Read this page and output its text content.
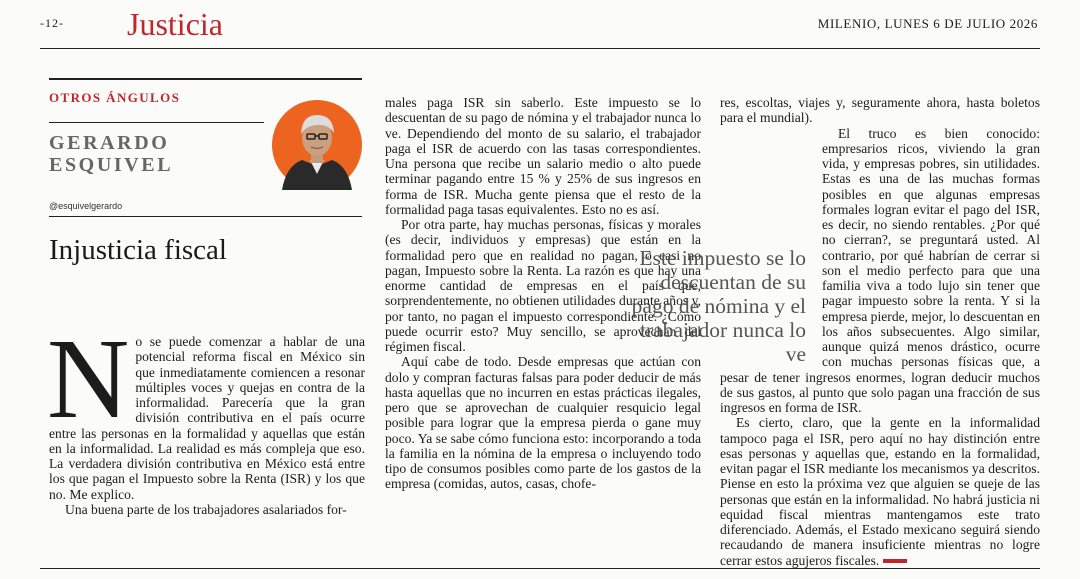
-12- Justicia	MILENIO, LUNES 6 DE JULIO 2026
OTROS ÁNGULOS
GERARDO
ESQUIVEL
@esquivelgerardo
Injusticia fiscal

No se puede comenzar a hablar de una potencial reforma fiscal en México sin que inmediatamente comiencen a resonar múltiples voces y quejas en contra de la informalidad. Parecería que la gran división contributiva en el país ocurre entre las personas en la formalidad y aquellas que están en la informalidad. La realidad es más compleja que eso. La verdadera división contributiva en México está entre los que pagan el Impuesto sobre la Renta (ISR) y los que no. Me explico.

Una buena parte de los trabajadores asalariados for-

males paga ISR sin saberlo. Este impuesto se lo descuentan de su pago de nómina y el trabajador nunca lo ve. Dependiendo del monto de su salario, el trabajador paga el ISR de acuerdo con las tasas correspondientes. Una persona que recibe un salario medio o alto puede terminar pagando entre 15 % y 25% de sus ingresos en forma de ISR. Mucha gente piensa que el resto de la formalidad paga tasas equivalentes. Esto no es así.

Por otra parte, hay muchas personas, físicas y morales (es decir, individuos y empresas) que están en la formalidad pero que en realidad no pagan, o casi no pagan, Impuesto sobre la Renta. La razón es que hay una enorme cantidad de empresas en el país que, sorprendentemente, no obtienen utilidades durante años y, por tanto, no pagan el impuesto correspondiente. ¿Cómo puede ocurrir esto? Muy sencillo, se aprovechan del régimen fiscal.

Aquí cabe de todo. Desde empresas que actúan con dolo y compran facturas falsas para poder deducir de más hasta aquellas que no incurren en estas prácticas ilegales, pero que se aprovechan de cualquier resquicio legal posible para lograr que la empresa pierda o gane muy poco. Ya se sabe cómo funciona esto: incorporando a toda la familia en la nómina de la empresa o incluyendo todo tipo de consumos posibles como parte de los gastos de la empresa (comidas, autos, casas, chofe-

res, escoltas, viajes y, seguramente ahora, hasta boletos para el mundial).

El truco es bien conocido: empresarios ricos, viviendo la gran vida, y empresas pobres, sin utilidades. Estas es una de las muchas formas posibles en que algunas empresas formales logran evitar el pago del ISR, es decir, no siendo rentables. ¿Por qué no cierran?, se preguntará usted. Al contrario, por qué habrían de cerrar si son el medio perfecto para que una familia viva a todo lujo sin tener que pagar impuesto sobre la renta. Y si la empresa pierde, mejor, lo descuentan en los años subsecuentes. Algo similar, aunque quizá menos drástico, ocurre con muchas personas físicas que, a pesar de tener ingresos enormes, logran deducir muchos de sus gastos, al punto que solo pagan una fracción de sus ingresos en forma de ISR.

Es cierto, claro, que la gente en la informalidad tampoco paga el ISR, pero aquí no hay distinción entre esas personas y aquellas que, estando en la formalidad, evitan pagar el ISR mediante los mecanismos ya descritos. Piense en esto la próxima vez que alguien se queje de las personas que están en la informalidad. No habrá justicia ni equidad fiscal mientras mantengamos este trato diferenciado. Además, el Estado mexicano seguirá siendo recaudando de manera insuficiente mientras no logre cerrar estos agujeros fiscales.

Este impuesto se lo descuentan de su pago de nómina y el trabajador nunca lo ve
